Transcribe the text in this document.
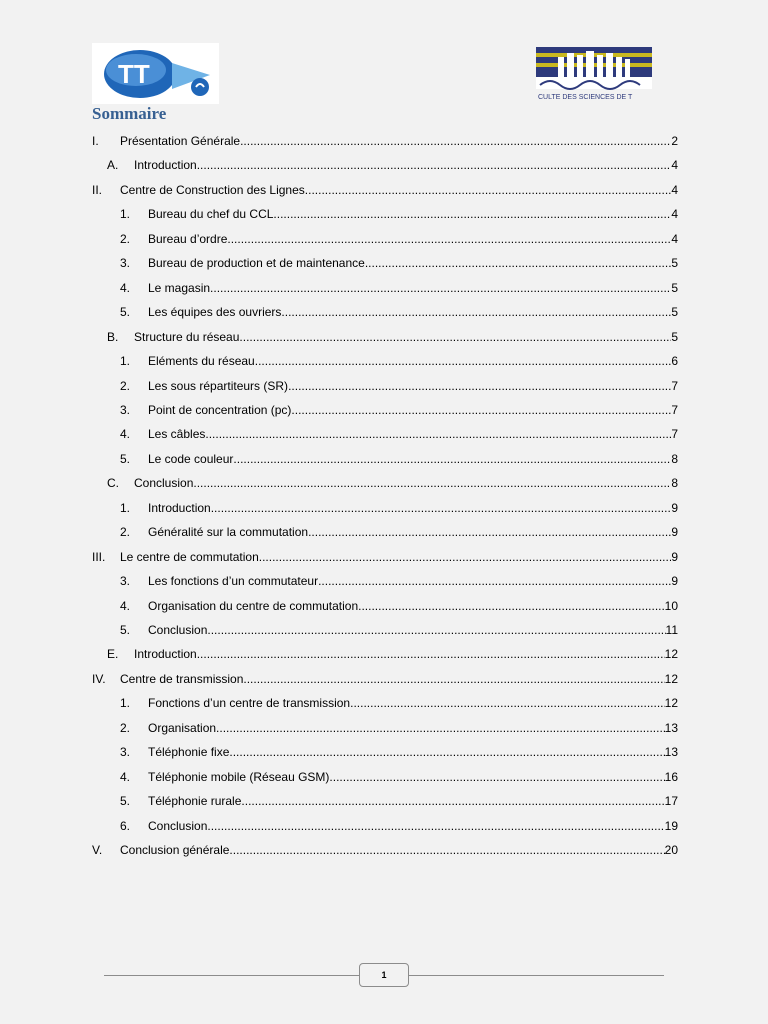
TT
CULTE DES SCIENCES DE T
Sommaire
I. Présentation Générale .....	2
A. Introduction .....	4
II. Centre de Construction des Lignes .....	4
1. Bureau du chef du CCL .....	4
2. Bureau d’ordre .....	4
3. Bureau de production et de maintenance .....	5
4. Le magasin .....	5
5. Les équipes des ouvriers .....	5
B. Structure du réseau .....	5
1. Eléments du réseau .....	6
2. Les sous répartiteurs (SR) .....	7
3. Point de concentration (pc) .....	7
4. Les câbles .....	7
5. Le code couleur .....	8
C. Conclusion .....	8
1. Introduction .....	9
2. Généralité sur la commutation .....	9
III. Le centre de commutation .....	9
3. Les fonctions d’un commutateur .....	9
4. Organisation du centre de commutation .....	10
5. Conclusion .....	11
E. Introduction .....	12
IV. Centre de transmission .....	12
1. Fonctions d’un centre de transmission .....	12
2. Organisation .....	13
3. Téléphonie fixe .....	13
4. Téléphonie mobile (Réseau GSM) .....	16
5. Téléphonie rurale .....	17
6. Conclusion .....	19
V. Conclusion générale .....	20
1
